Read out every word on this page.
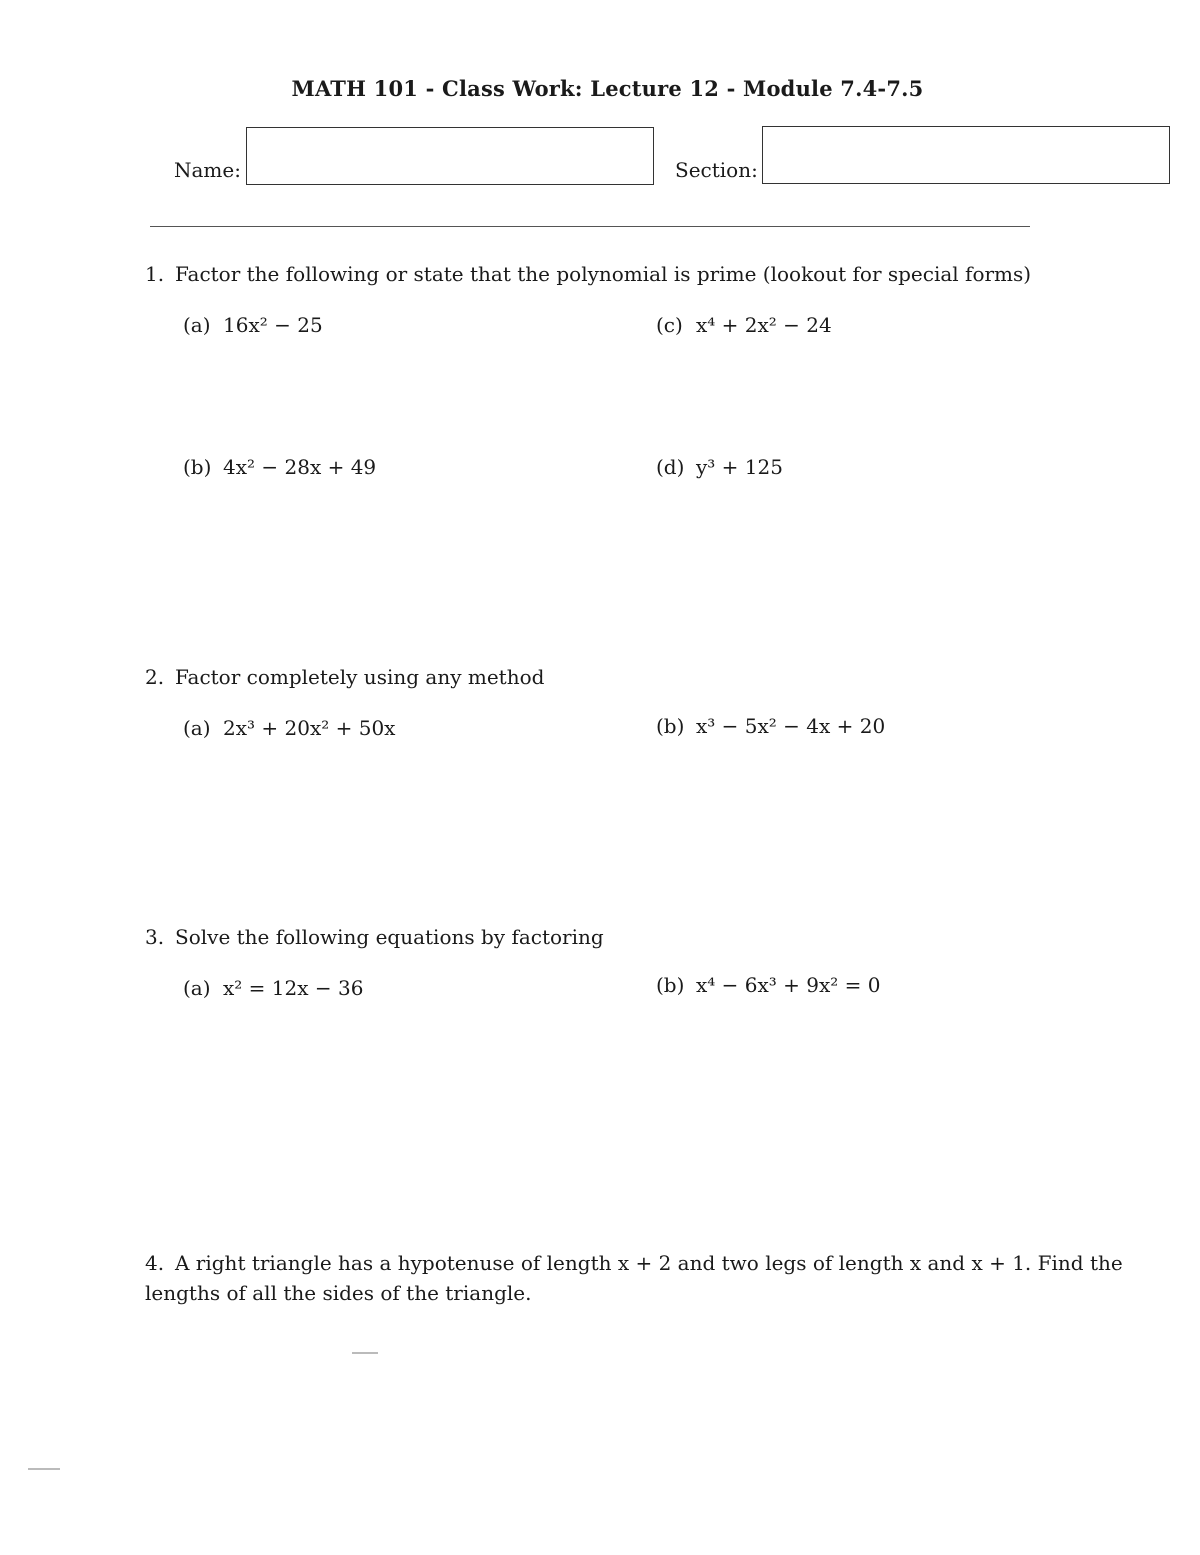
MATH 101 - Class Work: Lecture 12 - Module 7.4-7.5
Name:	Section:
1. Factor the following or state that the polynomial is prime (lookout for special forms)
(a) 16x² − 25
(b) 4x² − 28x + 49
(c) x⁴ + 2x² − 24
(d) y³ + 125
2. Factor completely using any method
(a) 2x³ + 20x² + 50x	(b) x³ − 5x² − 4x + 20
3. Solve the following equations by factoring
(a) x² = 12x − 36	(b) x⁴ − 6x³ + 9x² = 0
4. A right triangle has a hypotenuse of length x + 2 and two legs of length x and x + 1. Find the lengths of all the sides of the triangle.
